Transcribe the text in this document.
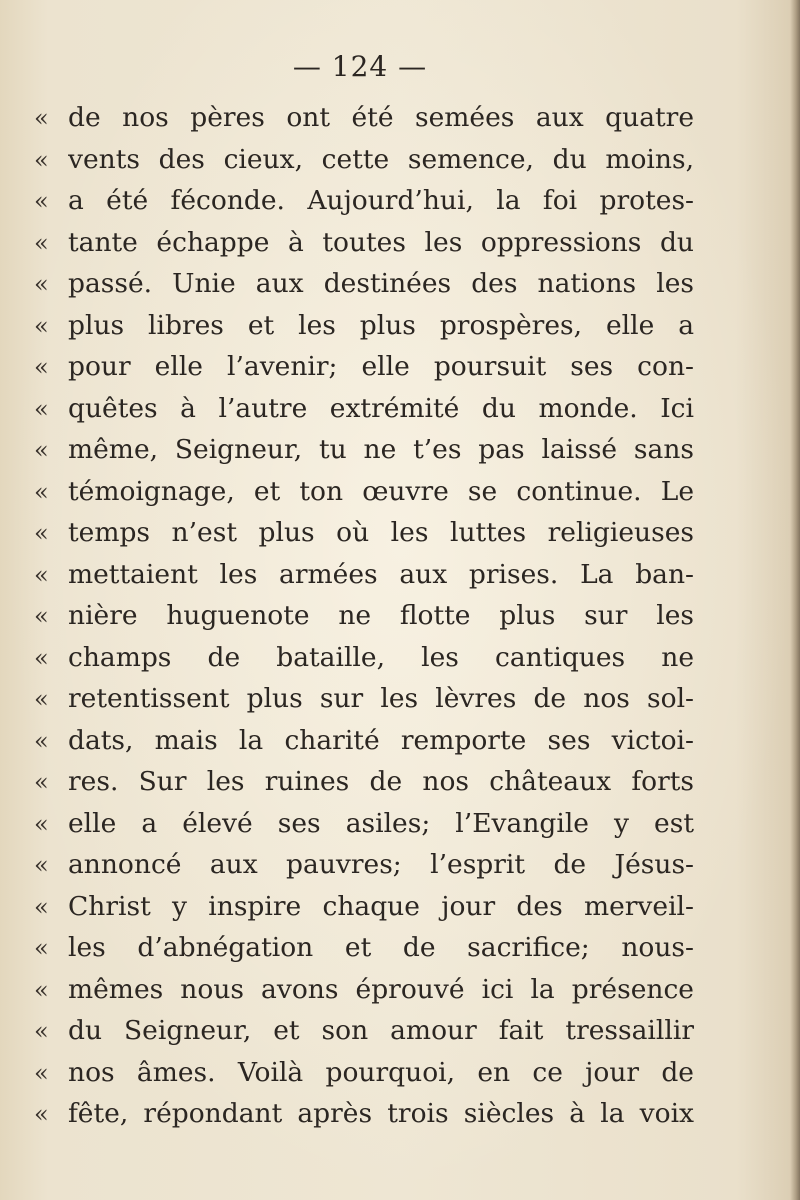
— 124 —
« de nos pères ont été semées aux quatre
« vents des cieux, cette semence, du moins,
« a été féconde. Aujourd’hui, la foi protes-
« tante échappe à toutes les oppressions du
« passé. Unie aux destinées des nations les
« plus libres et les plus prospères, elle a
« pour elle l’avenir; elle poursuit ses con-
« quêtes à l’autre extrémité du monde. Ici
« même, Seigneur, tu ne t’es pas laissé sans
« témoignage, et ton œuvre se continue. Le
« temps n’est plus où les luttes religieuses
« mettaient les armées aux prises. La ban-
« nière huguenote ne flotte plus sur les
« champs de bataille, les cantiques ne
« retentissent plus sur les lèvres de nos sol-
« dats, mais la charité remporte ses victoi-
« res. Sur les ruines de nos châteaux forts
« elle a élevé ses asiles; l’Evangile y est
« annoncé aux pauvres; l’esprit de Jésus-
« Christ y inspire chaque jour des merveil-
« les d’abnégation et de sacrifice; nous-
« mêmes nous avons éprouvé ici la présence
« du Seigneur, et son amour fait tressaillir
« nos âmes. Voilà pourquoi, en ce jour de
« fête, répondant après trois siècles à la voix
